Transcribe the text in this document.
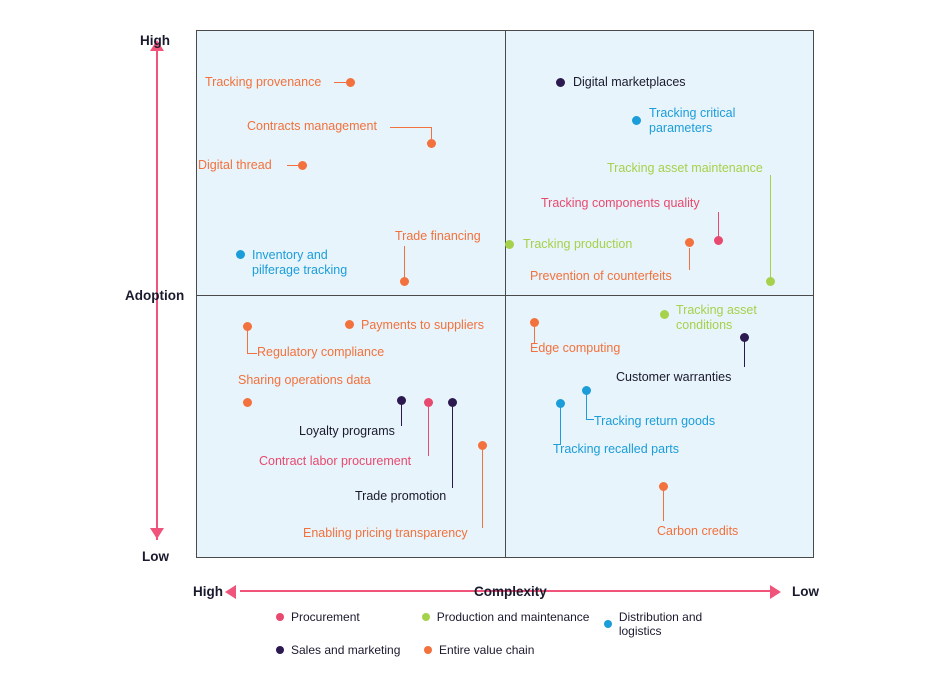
High
Low
Adoption
High	Low
Complexity
Tracking provenance
Contracts management
Digital thread
Inventory and
pilferage tracking
Trade financing
Digital marketplaces
Tracking critical
parameters
Tracking asset maintenance
Tracking components quality
Tracking production
Prevention of counterfeits
Payments to suppliers
Regulatory compliance
Sharing operations data
Loyalty programs
Contract labor procurement
Trade promotion
Enabling pricing transparency
Edge computing
Tracking asset
conditions
Customer warranties
Tracking return goods
Tracking recalled parts
Carbon credits
Procurement	Production and maintenance Distribution and logistics
Sales and marketing	Entire value chain
